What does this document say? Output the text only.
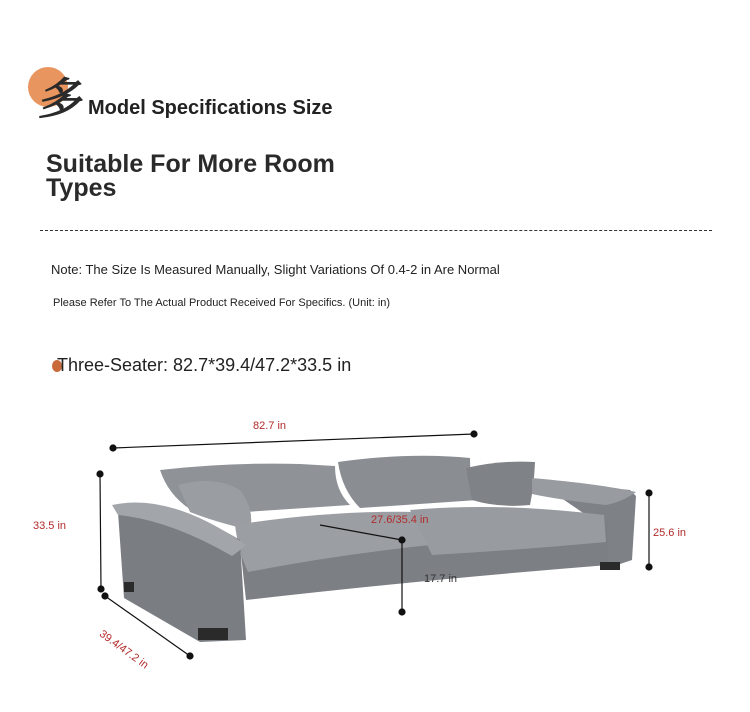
多 Model Specifications Size
Suitable For More Room Types
Note: The Size Is Measured Manually, Slight Variations Of 0.4-2 in Are Normal
Please Refer To The Actual Product Received For Specifics. (Unit: in)
Three-Seater: 82.7*39.4/47.2*33.5 in
82.7 in
33.5 in
25.6 in
27.6/35.4 in
17.7 in
39.4/47.2 in
